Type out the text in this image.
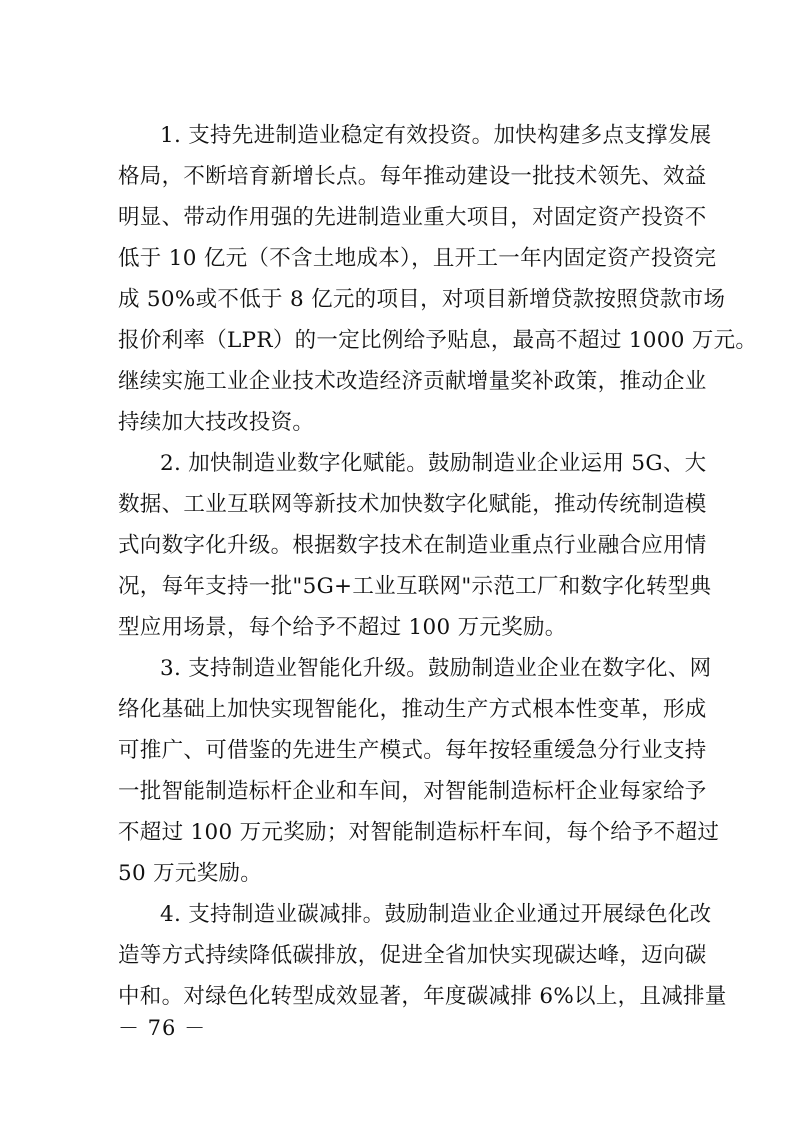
1. 支持先进制造业稳定有效投资。加快构建多点支撑发展
格局，不断培育新增长点。每年推动建设一批技术领先、效益
明显、带动作用强的先进制造业重大项目，对固定资产投资不
低于 10 亿元（不含土地成本），且开工一年内固定资产投资完
成 50%或不低于 8 亿元的项目，对项目新增贷款按照贷款市场
报价利率（LPR）的一定比例给予贴息，最高不超过 1000 万元。
继续实施工业企业技术改造经济贡献增量奖补政策，推动企业
持续加大技改投资。
2. 加快制造业数字化赋能。鼓励制造业企业运用 5G、大
数据、工业互联网等新技术加快数字化赋能，推动传统制造模
式向数字化升级。根据数字技术在制造业重点行业融合应用情
况，每年支持一批"5G+工业互联网"示范工厂和数字化转型典
型应用场景，每个给予不超过 100 万元奖励。
3. 支持制造业智能化升级。鼓励制造业企业在数字化、网
络化基础上加快实现智能化，推动生产方式根本性变革，形成
可推广、可借鉴的先进生产模式。每年按轻重缓急分行业支持
一批智能制造标杆企业和车间，对智能制造标杆企业每家给予
不超过 100 万元奖励；对智能制造标杆车间，每个给予不超过
50 万元奖励。
4. 支持制造业碳减排。鼓励制造业企业通过开展绿色化改
造等方式持续降低碳排放，促进全省加快实现碳达峰，迈向碳
中和。对绿色化转型成效显著，年度碳减排 6%以上，且减排量
－ 76 －
